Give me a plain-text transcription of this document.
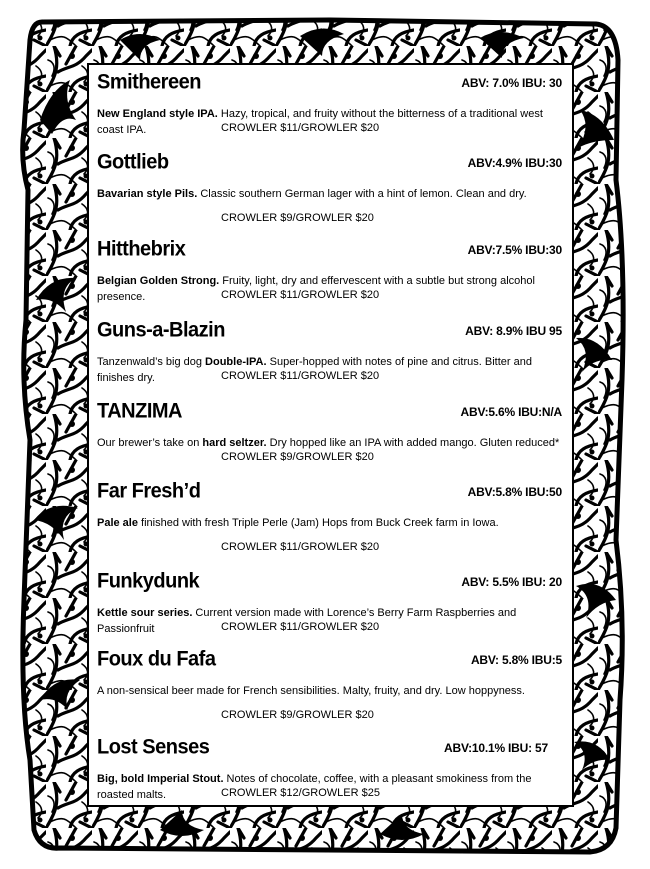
Smithereen	ABV: 7.0% IBU: 30
New England style IPA. Hazy, tropical, and fruity without the bitterness of a traditional west coast IPA.	CROWLER $11/GROWLER $20
Gottlieb	ABV:4.9% IBU:30
Bavarian style Pils. Classic southern German lager with a hint of lemon. Clean and dry.
CROWLER $9/GROWLER $20
Hitthebrix	ABV:7.5% IBU:30
Belgian Golden Strong. Fruity, light, dry and effervescent with a subtle but strong alcohol presence.	CROWLER $11/GROWLER $20
Guns-a-Blazin	ABV: 8.9% IBU 95
Tanzenwald’s big dog Double-IPA. Super-hopped with notes of pine and citrus. Bitter and finishes dry.	CROWLER $11/GROWLER $20
TANZIMA	ABV:5.6% IBU:N/A
Our brewer’s take on hard seltzer. Dry hopped like an IPA with added mango. Gluten reduced*
CROWLER $9/GROWLER $20
Far Fresh’d	ABV:5.8% IBU:50
Pale ale finished with fresh Triple Perle (Jam) Hops from Buck Creek farm in Iowa.
CROWLER $11/GROWLER $20
Funkydunk	ABV: 5.5% IBU: 20
Kettle sour series. Current version made with Lorence’s Berry Farm Raspberries and Passionfruit	CROWLER $11/GROWLER $20
Foux du Fafa	ABV: 5.8% IBU:5
A non-sensical beer made for French sensibilities. Malty, fruity, and dry. Low hoppyness.
CROWLER $9/GROWLER $20
Lost Senses	ABV:10.1% IBU: 57
Big, bold Imperial Stout. Notes of chocolate, coffee, with a pleasant smokiness from the roasted malts.	CROWLER $12/GROWLER $25
